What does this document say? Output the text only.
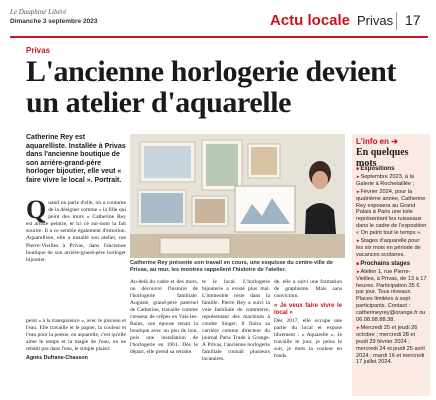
Le Dauphiné Libéré
Dimanche 3 septembre 2023	Actu locale Privas 17
Privas
L'ancienne horlogerie devient un atelier d'aquarelle
Catherine Rey est aquarelliste. Installée à Privas dans l'ancienne boutique de son arrière-grand-père horloger bijoutier, elle veut « faire vivre le local ». Portrait.
Q uand on parle d'elle, on a coutume de la désigner comme « la fille qui peint des murs » Catherine Rey est artiste peintre, et ici ce sur-nom la fait sourire. Il a ce semble également d'émotion. Aquarelliste, elle a installé son atelier, rue Pierre-Vieilles à Privas, dans l'ancienne boutique de son arrière-grand-père horloger bijoutier.
Catherine Rey présente son travail en cours, une esquisse du centre-ville de Privas, au mur, les montres rappellent l'histoire de l'atelier.
Au-delà du cadre et des murs, on découvre l'histoire de l'horlogerie familiale. Auguste, grand-père paternel de Catherine, travaille comme cresseur de crêpes en Vals-les-Bains, son épouse tenait la boutique avec un peu de tout, puis une installation de l'horlogerie en 1961. Dès le départ, elle prend sa retraite.
te le local. L'horlogerie bijouterie a existé plus mal. L'immeuble reste dans la famille. Pierre Rey a suivi la voie familiale du commerce, représentant des machines à coudre Singer, il finira sa carrière comme directeur du journal Paris Trade à Grange. À Privas, l'ancienne horlogerie familiale connaît plusieurs locataires.
de, elle a suivi une formation de graphisme. Mais sans conviction.
« Je veux faire vivre le local »
Dès 2017, elle occupe une partie du local et expose librement : « Aquarelle ». Je travaille le jour, je peins le soir, je mets la couleur en fonds.
peint « à la transparence », avec le pinceau et l'eau. Elle travaille et le papier, la couleur et l'eau pour la poésie, en aquarelle, c'est qu'elle aime le temps et la magie de l'eau, on ne rebâtit pas dans l'eau, le simple plaisir.
Agnès Dufrane-Chasson
L'info en ➔
En quelques mots
■ Expositions

► Septembre 2023, à la Galerie à Rochetaillée ;

► Février 2024, pour la quatrième année, Catherine Rey exposera au Grand Palais à Paris une toile représentant les ruisseaux dans le cadre de l'exposition « On peint tout le temps ».

► Stages d'aquarelle pour les six mois en période de vacances scolaires.

■ Prochains stages

► Atelier 1, rue Pierre-Vieilles, à Privas, de 13 à 17 heures. Participation 35 € par jour. Tous niveaux. Places limitées à sept participants. Contact : catherineyrey@orange.fr ou 06.08.98.88.38.

► Mercredi 25 et jeudi 26 octobre ; mercredi 28 et jeudi 29 février 2024 ; mercredi 24 et jeudi 25 avril 2024 ; mardi 16 et mercredi 17 juillet 2024.
